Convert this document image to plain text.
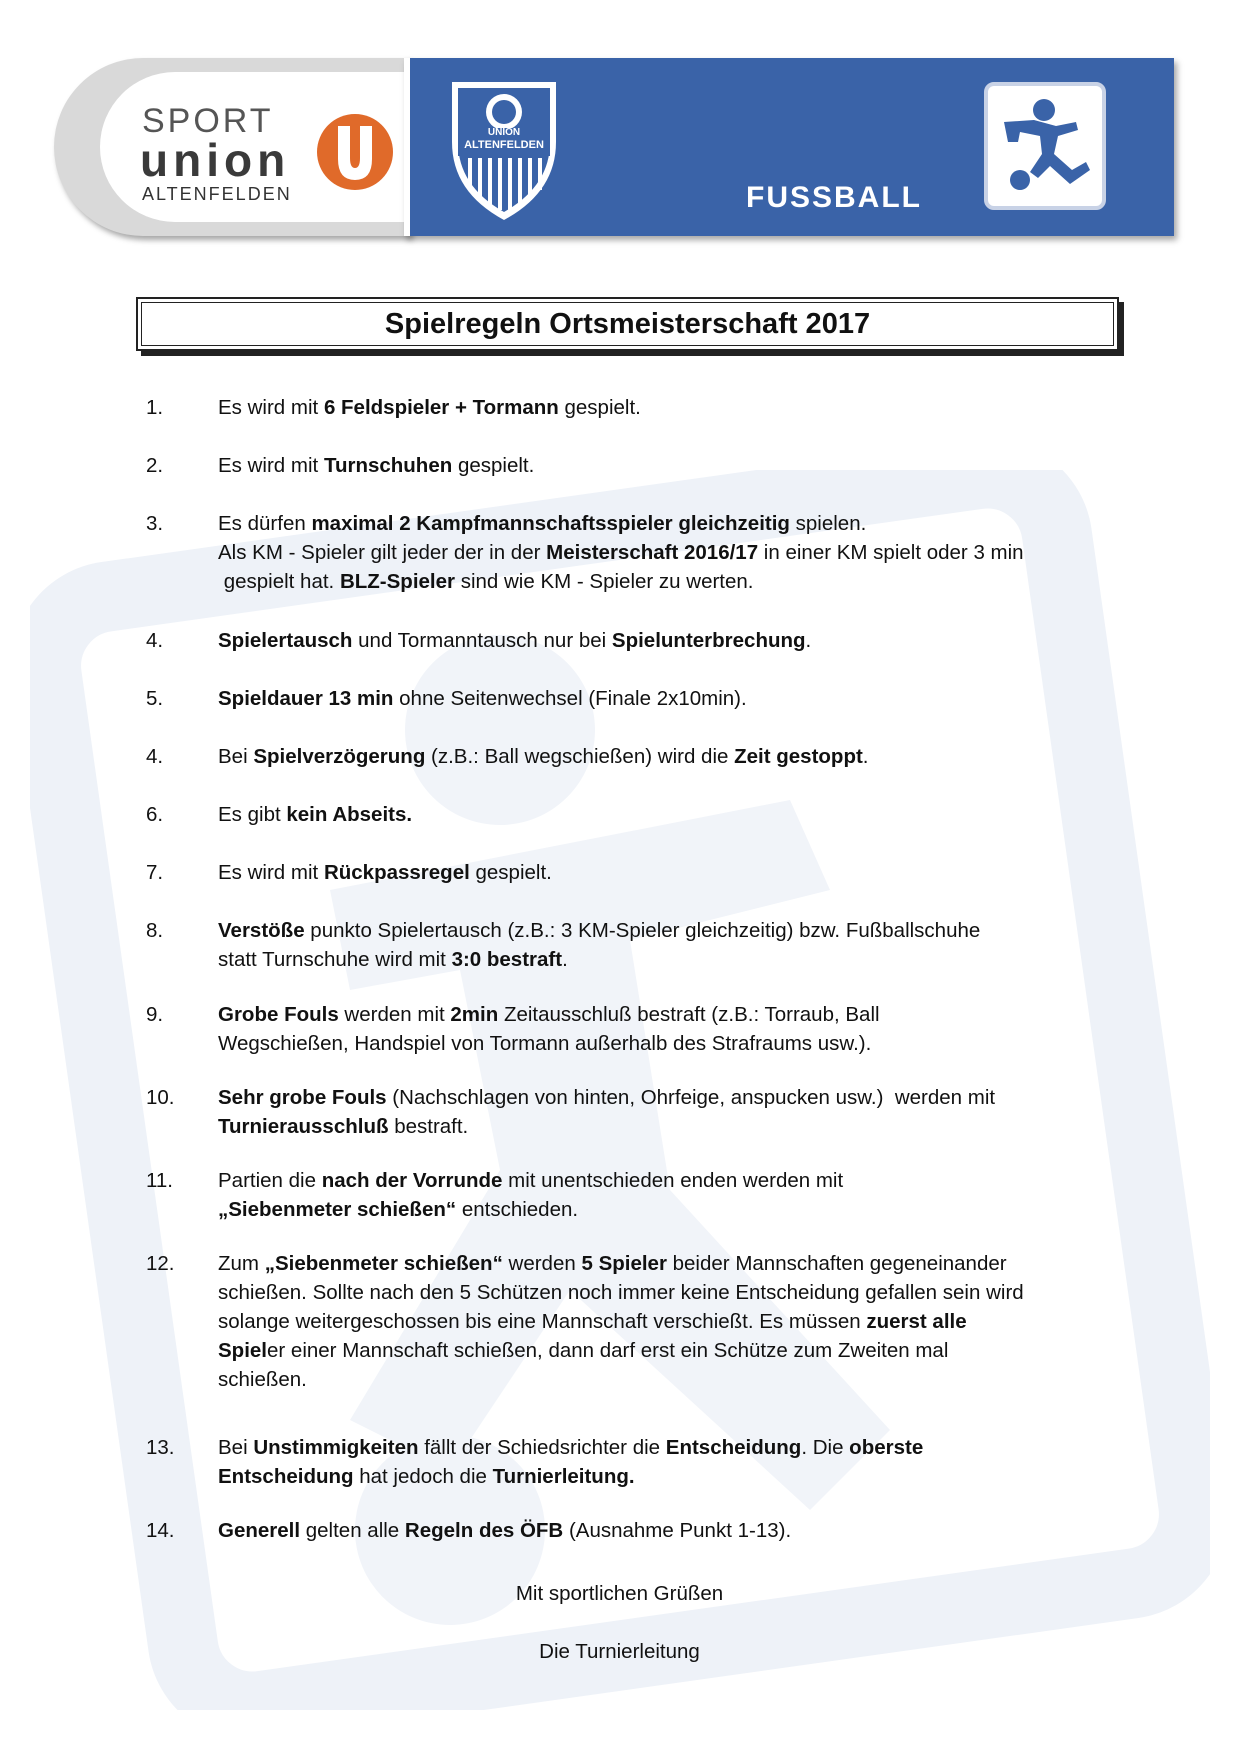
SPORT
union
ALTENFELDEN
UNION
ALTENFELDEN
FUSSBALL
Spielregeln Ortsmeisterschaft 2017
1.	Es wird mit 6 Feldspieler + Tormann gespielt.
2.	Es wird mit Turnschuhen gespielt.
3.	Es dürfen maximal 2 Kampfmannschaftsspieler gleichzeitig spielen.
Als KM - Spieler gilt jeder der in der Meisterschaft 2016/17 in einer KM spielt oder 3 min
gespielt hat. BLZ-Spieler sind wie KM - Spieler zu werten.
4.	Spielertausch und Tormanntausch nur bei Spielunterbrechung.
5.	Spieldauer 13 min ohne Seitenwechsel (Finale 2x10min).
4.	Bei Spielverzögerung (z.B.: Ball wegschießen) wird die Zeit gestoppt.
6.	Es gibt kein Abseits.
7.	Es wird mit Rückpassregel gespielt.
8.	Verstöße punkto Spielertausch (z.B.: 3 KM-Spieler gleichzeitig) bzw. Fußballschuhe
statt Turnschuhe wird mit 3:0 bestraft.
9.	Grobe Fouls werden mit 2min Zeitausschluß bestraft (z.B.: Torraub, Ball
Wegschießen, Handspiel von Tormann außerhalb des Strafraums usw.).
10.	Sehr grobe Fouls (Nachschlagen von hinten, Ohrfeige, anspucken usw.)  werden mit
Turnierausschluß bestraft.
11.	Partien die nach der Vorrunde mit unentschieden enden werden mit
„Siebenmeter schießen“ entschieden.
12.	Zum „Siebenmeter schießen“ werden 5 Spieler beider Mannschaften gegeneinander
schießen. Sollte nach den 5 Schützen noch immer keine Entscheidung gefallen sein wird
solange weitergeschossen bis eine Mannschaft verschießt. Es müssen zuerst alle
Spieler einer Mannschaft schießen, dann darf erst ein Schütze zum Zweiten mal
schießen.
13.	Bei Unstimmigkeiten fällt der Schiedsrichter die Entscheidung. Die oberste
Entscheidung hat jedoch die Turnierleitung.
14.	Generell gelten alle Regeln des ÖFB (Ausnahme Punkt 1-13).
Mit sportlichen Grüßen
Die Turnierleitung
